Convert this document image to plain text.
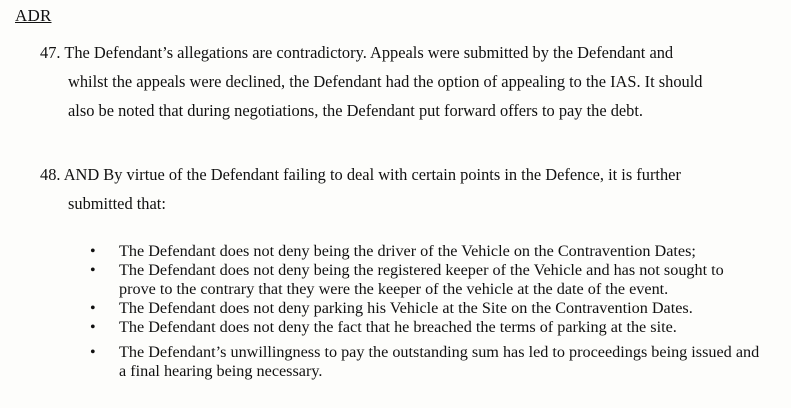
ADR
47. The Defendant’s allegations are contradictory. Appeals were submitted by the Defendant and
whilst the appeals were declined, the Defendant had the option of appealing to the IAS. It should
also be noted that during negotiations, the Defendant put forward offers to pay the debt.
48. AND By virtue of the Defendant failing to deal with certain points in the Defence, it is further
submitted that:
• The Defendant does not deny being the driver of the Vehicle on the Contravention Dates;
• The Defendant does not deny being the registered keeper of the Vehicle and has not sought to prove to the contrary that they were the keeper of the vehicle at the date of the event.
• The Defendant does not deny parking his Vehicle at the Site on the Contravention Dates.
• The Defendant does not deny the fact that he breached the terms of parking at the site.
• The Defendant’s unwillingness to pay the outstanding sum has led to proceedings being issued and a final hearing being necessary.
